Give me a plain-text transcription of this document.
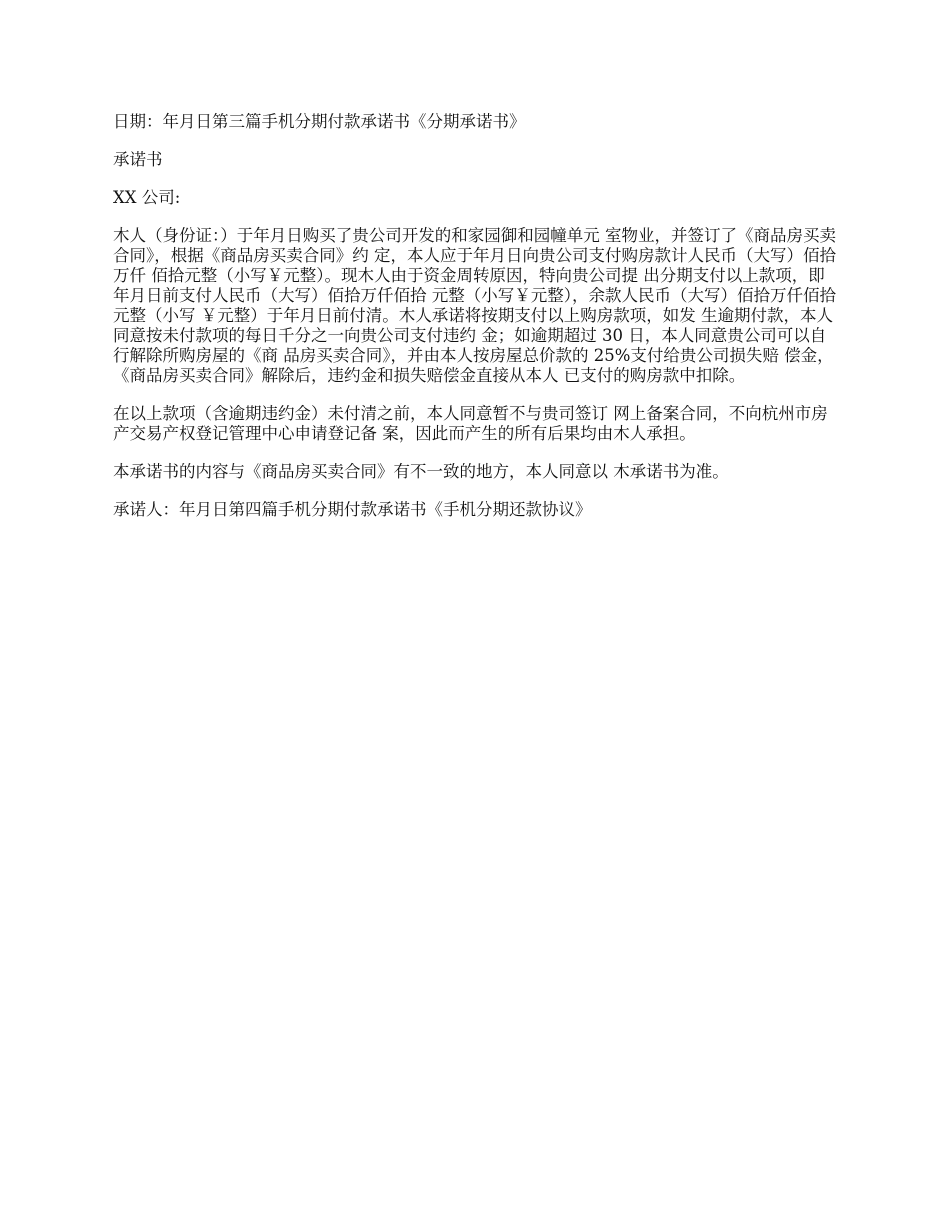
日期：年月日第三篇手机分期付款承诺书《分期承诺书》

承诺书

XX 公司:

木人（身份证：）于年月日购买了贵公司开发的和家园御和园幢单元 室物业，并签订了《商品房买卖合同》，根据《商品房买卖合同》约 定，本人应于年月日向贵公司支付购房款计人民币（大写）佰拾万仟 佰拾元整（小写￥元整）。现木人由于资金周转原因，特向贵公司提 出分期支付以上款项，即年月日前支付人民币（大写）佰拾万仟佰拾 元整（小写￥元整），余款人民币（大写）佰拾万仟佰拾元整（小写 ￥元整）于年月日前付清。木人承诺将按期支付以上购房款项，如发 生逾期付款，本人同意按未付款项的每日千分之一向贵公司支付违约 金；如逾期超过 30 日，本人同意贵公司可以自行解除所购房屋的《商 品房买卖合同》，并由本人按房屋总价款的 25%支付给贵公司损失赔 偿金，《商品房买卖合同》解除后，违约金和损失赔偿金直接从本人 已支付的购房款中扣除。

在以上款项（含逾期违约金）未付清之前，本人同意暂不与贵司签订 网上备案合同，不向杭州市房产交易产权登记管理中心申请登记备 案，因此而产生的所有后果均由木人承担。

本承诺书的内容与《商品房买卖合同》有不一致的地方，本人同意以 木承诺书为准。

承诺人：年月日第四篇手机分期付款承诺书《手机分期还款协议》
